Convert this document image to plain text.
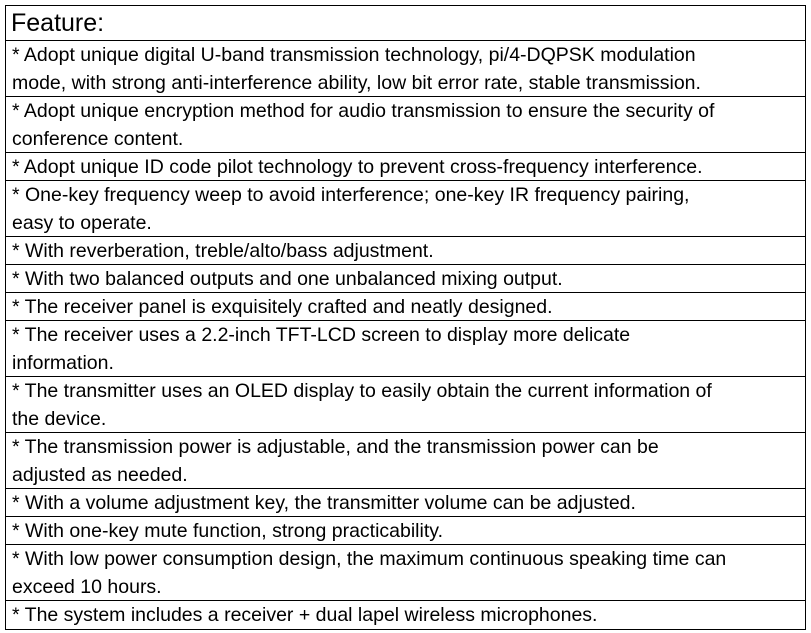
Feature:
* Adopt unique digital U-band transmission technology, pi/4-DQPSK modulation
mode, with strong anti-interference ability, low bit error rate, stable transmission.
* Adopt unique encryption method for audio transmission to ensure the security of
conference content.
* Adopt unique ID code pilot technology to prevent cross-frequency interference.
* One-key frequency weep to avoid interference; one-key IR frequency pairing,
easy to operate.
* With reverberation, treble/alto/bass adjustment.
* With two balanced outputs and one unbalanced mixing output.
* The receiver panel is exquisitely crafted and neatly designed.
* The receiver uses a 2.2-inch TFT-LCD screen to display more delicate
information.
* The transmitter uses an OLED display to easily obtain the current information of
the device.
* The transmission power is adjustable, and the transmission power can be
adjusted as needed.
* With a volume adjustment key, the transmitter volume can be adjusted.
* With one-key mute function, strong practicability.
* With low power consumption design, the maximum continuous speaking time can
exceed 10 hours.
* The system includes a receiver + dual lapel wireless microphones.
